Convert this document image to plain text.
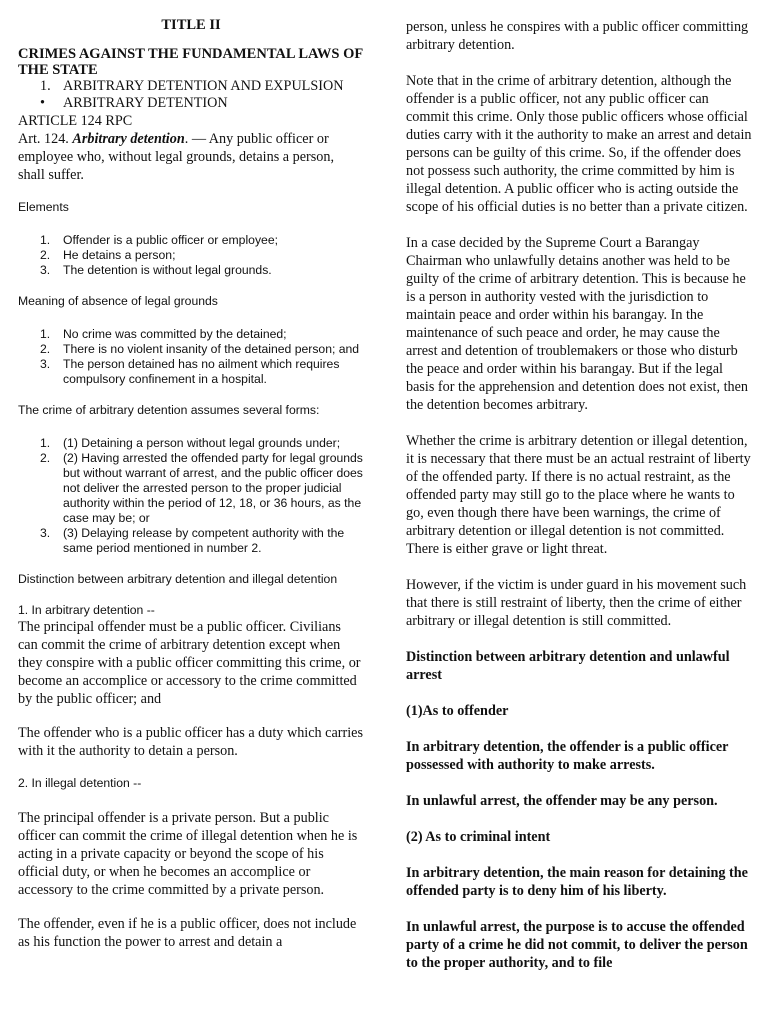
TITLE II

CRIMES AGAINST THE FUNDAMENTAL LAWS OF THE STATE

1. ARBITRARY DETENTION AND EXPULSION
• ARBITRARY DETENTION

ARTICLE 124 RPC

Art. 124. Arbitrary detention. — Any public officer or employee who, without legal grounds, detains a person, shall suffer.

Elements

1. Offender is a public officer or employee;
2. He detains a person;
3. The detention is without legal grounds.

Meaning of absence of legal grounds

1. No crime was committed by the detained;
2. There is no violent insanity of the detained person; and
3. The person detained has no ailment which requires compulsory confinement in a hospital.

The crime of arbitrary detention assumes several forms:

1. (1) Detaining a person without legal grounds under;
2. (2) Having arrested the offended party for legal grounds but without warrant of arrest, and the public officer does not deliver the arrested person to the proper judicial authority within the period of 12, 18, or 36 hours, as the case may be; or
3. (3) Delaying release by competent authority with the same period mentioned in number 2.

Distinction between arbitrary detention and illegal detention

1. In arbitrary detention --

The principal offender must be a public officer. Civilians can commit the crime of arbitrary detention except when they conspire with a public officer committing this crime, or become an accomplice or accessory to the crime committed by the public officer; and

The offender who is a public officer has a duty which carries with it the authority to detain a person.

2. In illegal detention --

The principal offender is a private person. But a public officer can commit the crime of illegal detention when he is acting in a private capacity or beyond the scope of his official duty, or when he becomes an accomplice or accessory to the crime committed by a private person.

The offender, even if he is a public officer, does not include as his function the power to arrest and detain a

person, unless he conspires with a public officer committing arbitrary detention.

Note that in the crime of arbitrary detention, although the offender is a public officer, not any public officer can commit this crime. Only those public officers whose official duties carry with it the authority to make an arrest and detain persons can be guilty of this crime. So, if the offender does not possess such authority, the crime committed by him is illegal detention. A public officer who is acting outside the scope of his official duties is no better than a private citizen.

In a case decided by the Supreme Court a Barangay Chairman who unlawfully detains another was held to be guilty of the crime of arbitrary detention. This is because he is a person in authority vested with the jurisdiction to maintain peace and order within his barangay. In the maintenance of such peace and order, he may cause the arrest and detention of troublemakers or those who disturb the peace and order within his barangay. But if the legal basis for the apprehension and detention does not exist, then the detention becomes arbitrary.

Whether the crime is arbitrary detention or illegal detention, it is necessary that there must be an actual restraint of liberty of the offended party. If there is no actual restraint, as the offended party may still go to the place where he wants to go, even though there have been warnings, the crime of arbitrary detention or illegal detention is not committed. There is either grave or light threat.

However, if the victim is under guard in his movement such that there is still restraint of liberty, then the crime of either arbitrary or illegal detention is still committed.

Distinction between arbitrary detention and unlawful arrest

(1)As to offender

In arbitrary detention, the offender is a public officer possessed with authority to make arrests.

In unlawful arrest, the offender may be any person.

(2) As to criminal intent

In arbitrary detention, the main reason for detaining the offended party is to deny him of his liberty.

In unlawful arrest, the purpose is to accuse the offended party of a crime he did not commit, to deliver the person to the proper authority, and to file
